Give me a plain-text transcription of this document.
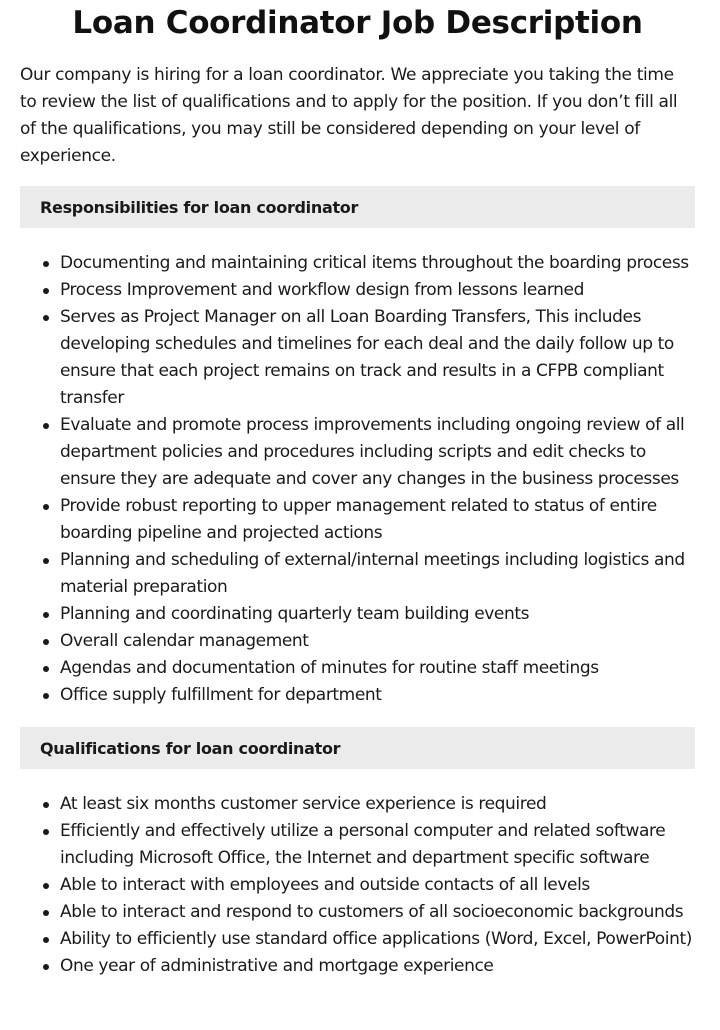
Loan Coordinator Job Description

Our company is hiring for a loan coordinator. We appreciate you taking the time to review the list of qualifications and to apply for the position. If you don’t fill all of the qualifications, you may still be considered depending on your level of experience.

Responsibilities for loan coordinator
Documenting and maintaining critical items throughout the boarding process
Process Improvement and workflow design from lessons learned
Serves as Project Manager on all Loan Boarding Transfers, This includes developing schedules and timelines for each deal and the daily follow up to ensure that each project remains on track and results in a CFPB compliant transfer
Evaluate and promote process improvements including ongoing review of all department policies and procedures including scripts and edit checks to ensure they are adequate and cover any changes in the business processes
Provide robust reporting to upper management related to status of entire boarding pipeline and projected actions
Planning and scheduling of external/internal meetings including logistics and material preparation
Planning and coordinating quarterly team building events
Overall calendar management
Agendas and documentation of minutes for routine staff meetings
Office supply fulfillment for department
Qualifications for loan coordinator
At least six months customer service experience is required
Efficiently and effectively utilize a personal computer and related software including Microsoft Office, the Internet and department specific software
Able to interact with employees and outside contacts of all levels
Able to interact and respond to customers of all socioeconomic backgrounds
Ability to efficiently use standard office applications (Word, Excel, PowerPoint)
One year of administrative and mortgage experience
